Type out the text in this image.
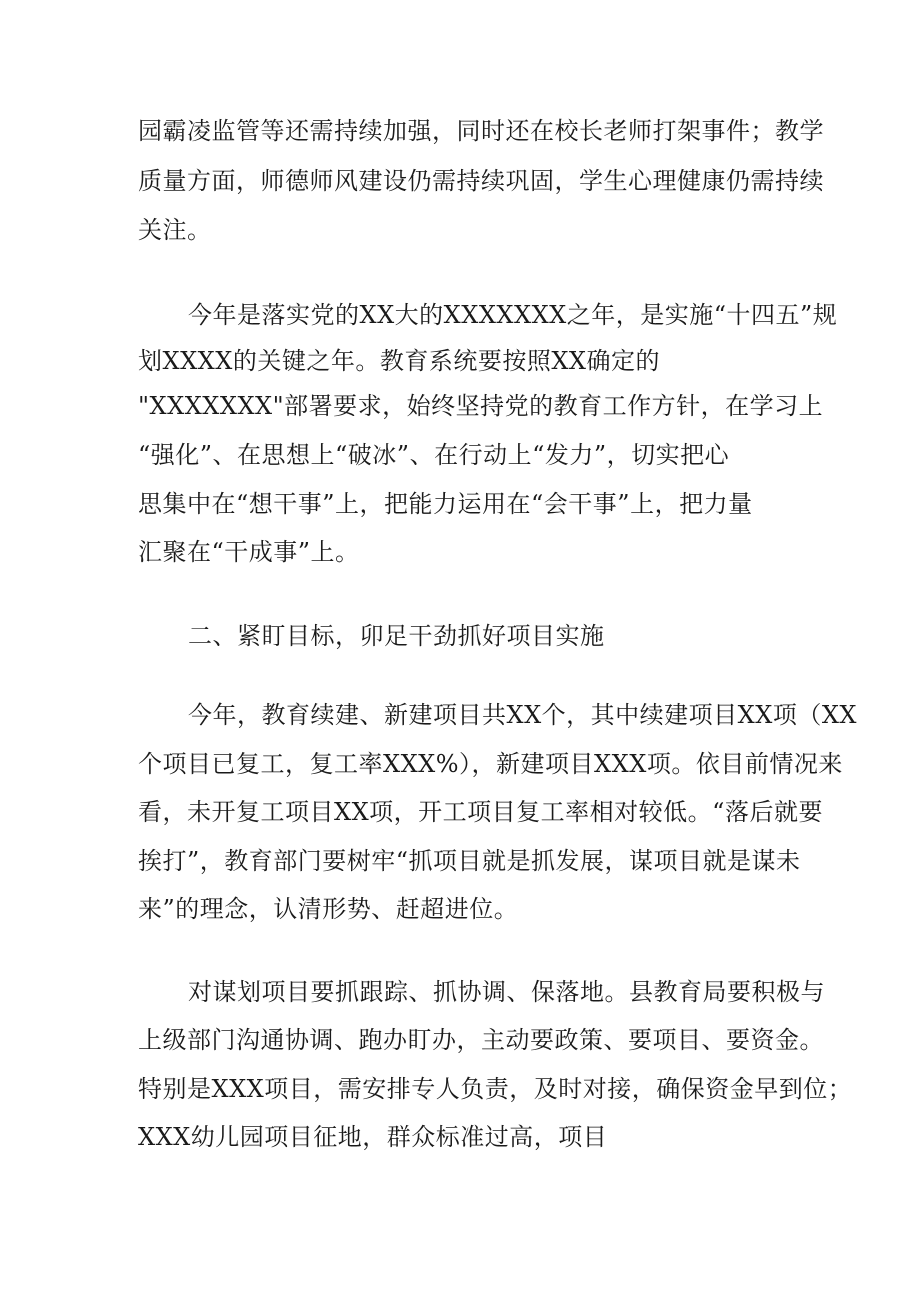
园霸凌监管等还需持续加强，同时还在校长老师打架事件；教学
质量方面，师德师风建设仍需持续巩固，学生心理健康仍需持续
关注。
今年是落实党的XX大的XXXXXXX之年，是实施“十四五”规
划XXXX的关键之年。教育系统要按照XX确定的
"XXXXXXX"部署要求，始终坚持党的教育工作方针，在学习上
“强化”、在思想上“破冰”、在行动上“发力”，切实把心
思集中在“想干事”上，把能力运用在“会干事”上，把力量
汇聚在“干成事”上。
二、紧盯目标，卯足干劲抓好项目实施
今年，教育续建、新建项目共XX个，其中续建项目XX项（XX
个项目已复工，复工率XXX%），新建项目XXX项。依目前情况来
看，未开复工项目XX项，开工项目复工率相对较低。“落后就要
挨打”，教育部门要树牢“抓项目就是抓发展，谋项目就是谋未
来”的理念，认清形势、赶超进位。
对谋划项目要抓跟踪、抓协调、保落地。县教育局要积极与
上级部门沟通协调、跑办盯办，主动要政策、要项目、要资金。
特别是XXX项目，需安排专人负责，及时对接，确保资金早到位；
XXX幼儿园项目征地，群众标准过高，项目
